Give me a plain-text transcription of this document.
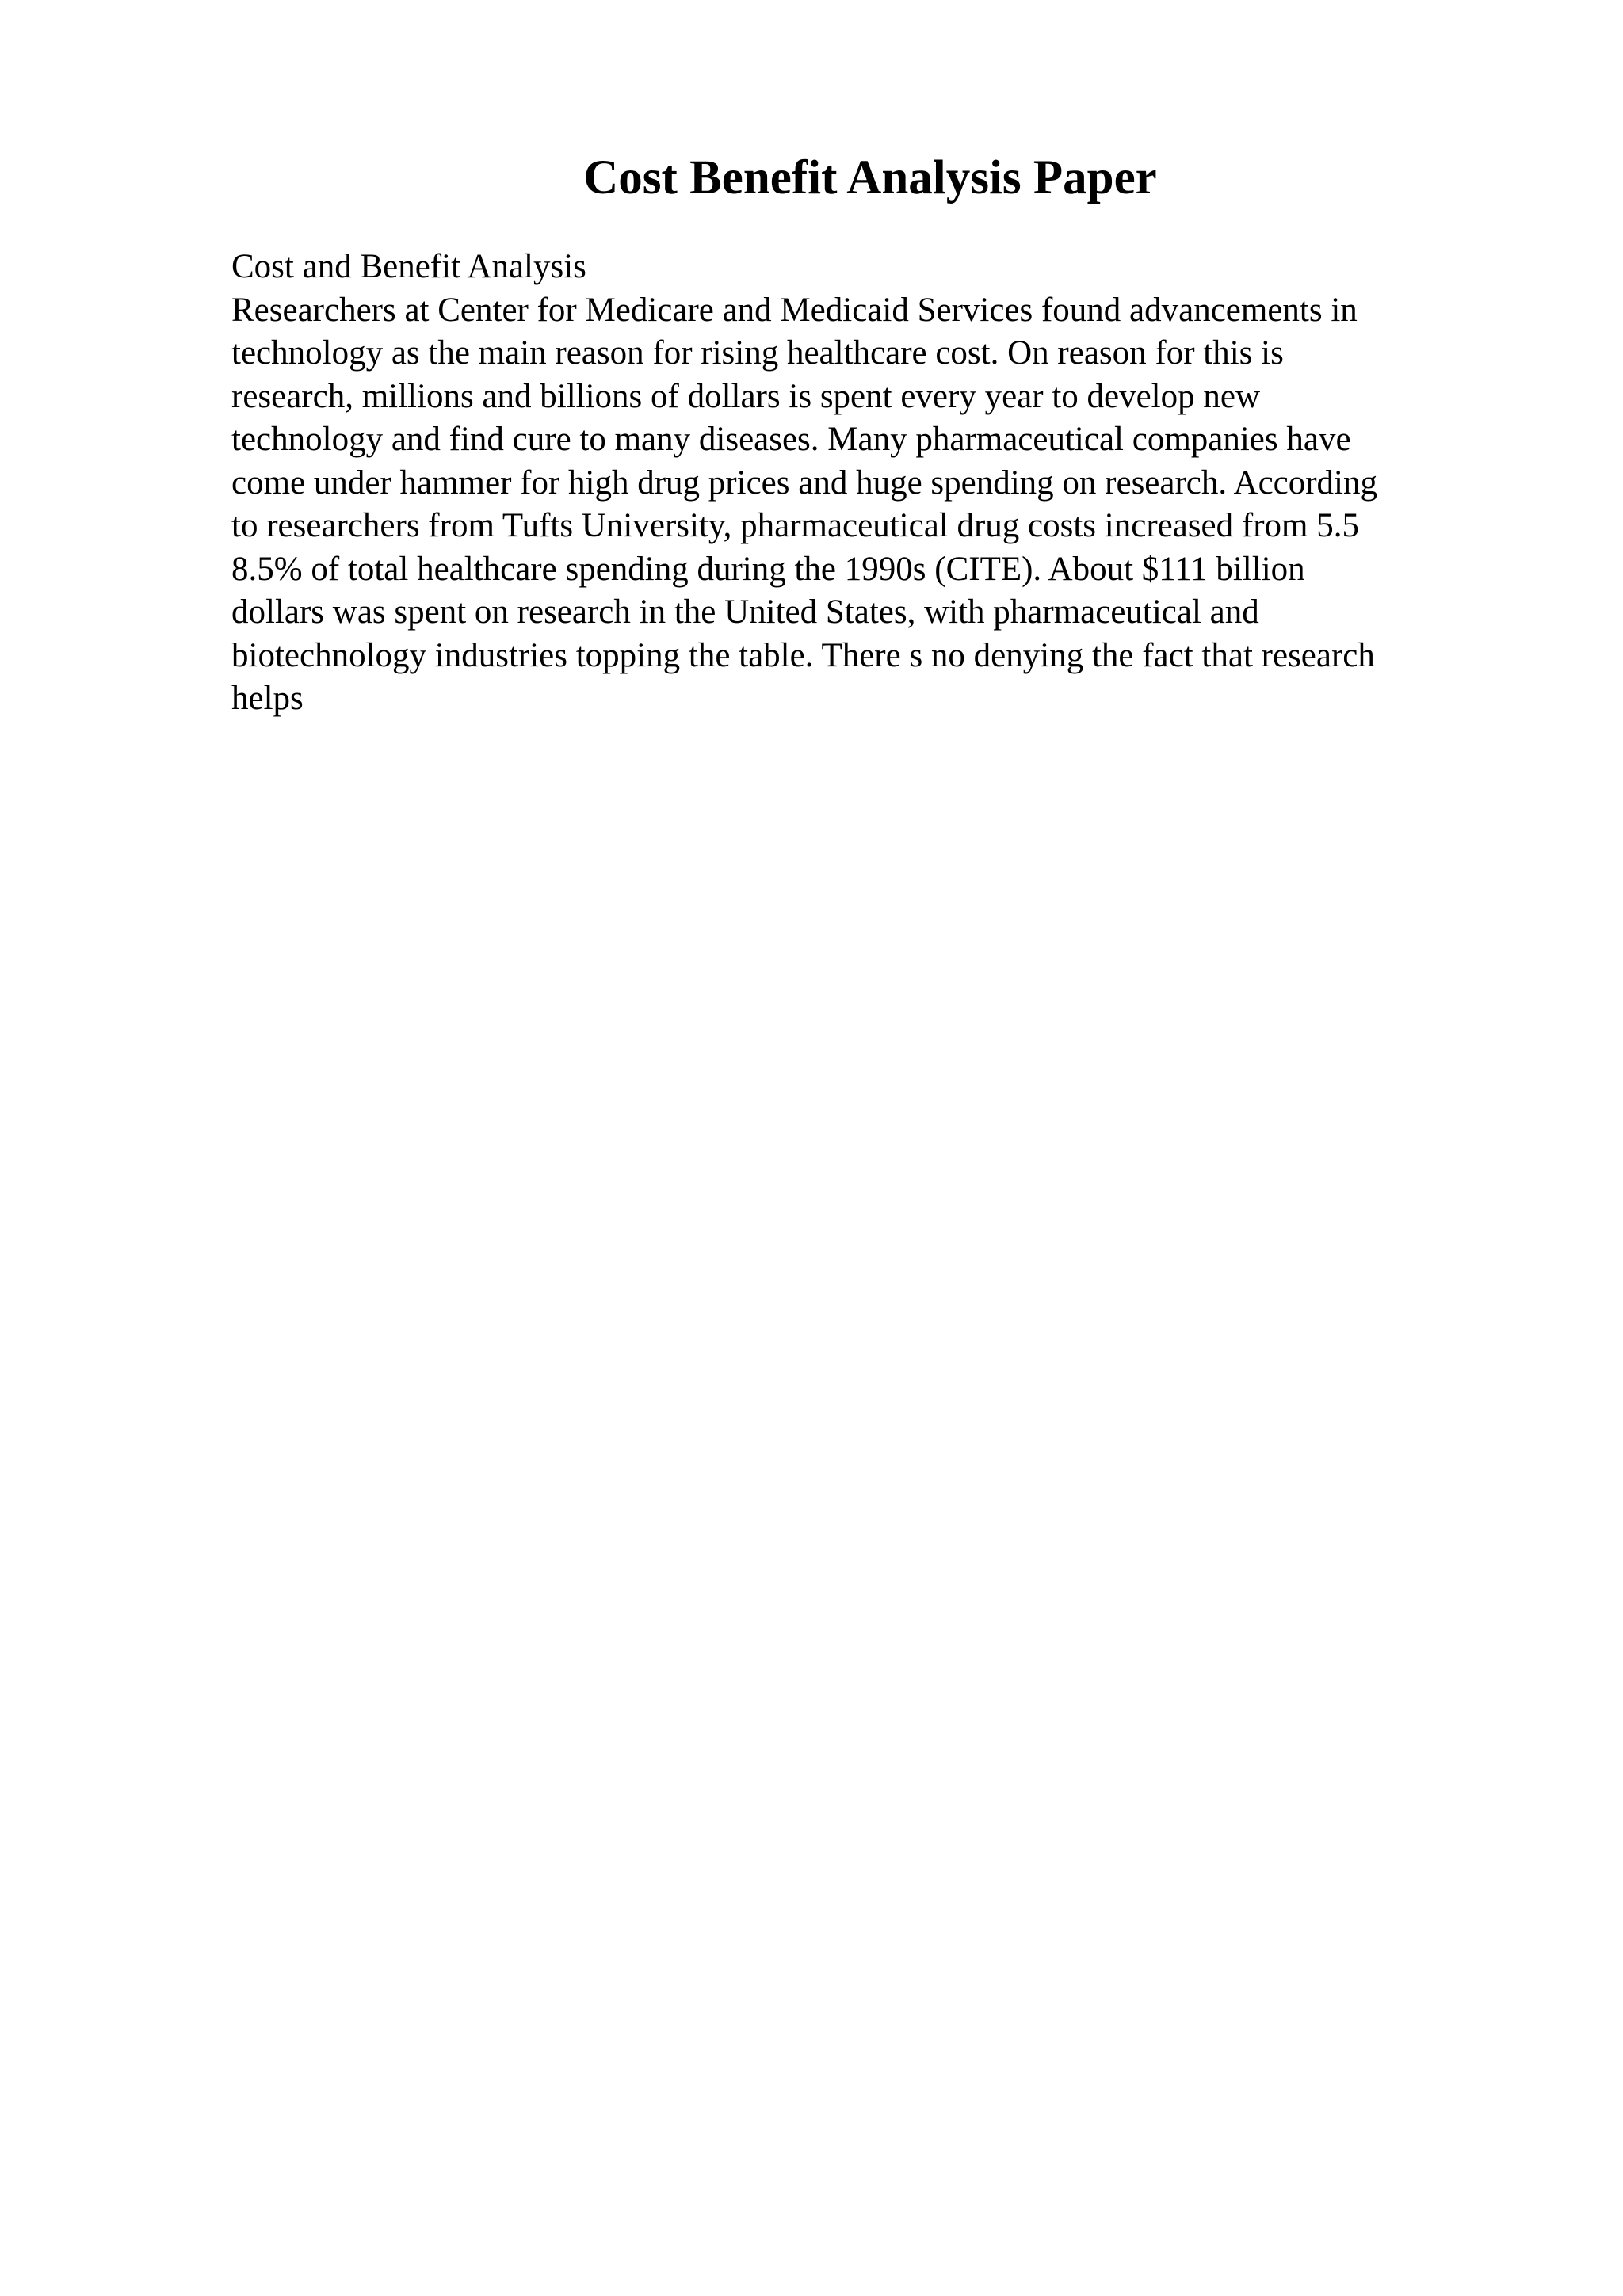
Cost Benefit Analysis Paper

Cost and Benefit Analysis

Researchers at Center for Medicare and Medicaid Services found advancements in

technology as the main reason for rising healthcare cost. On reason for this is

research, millions and billions of dollars is spent every year to develop new

technology and find cure to many diseases. Many pharmaceutical companies have

come under hammer for high drug prices and huge spending on research. According

to researchers from Tufts University, pharmaceutical drug costs increased from 5.5

8.5% of total healthcare spending during the 1990s (CITE). About $111 billion

dollars was spent on research in the United States, with pharmaceutical and

biotechnology industries topping the table. There s no denying the fact that research

helps
